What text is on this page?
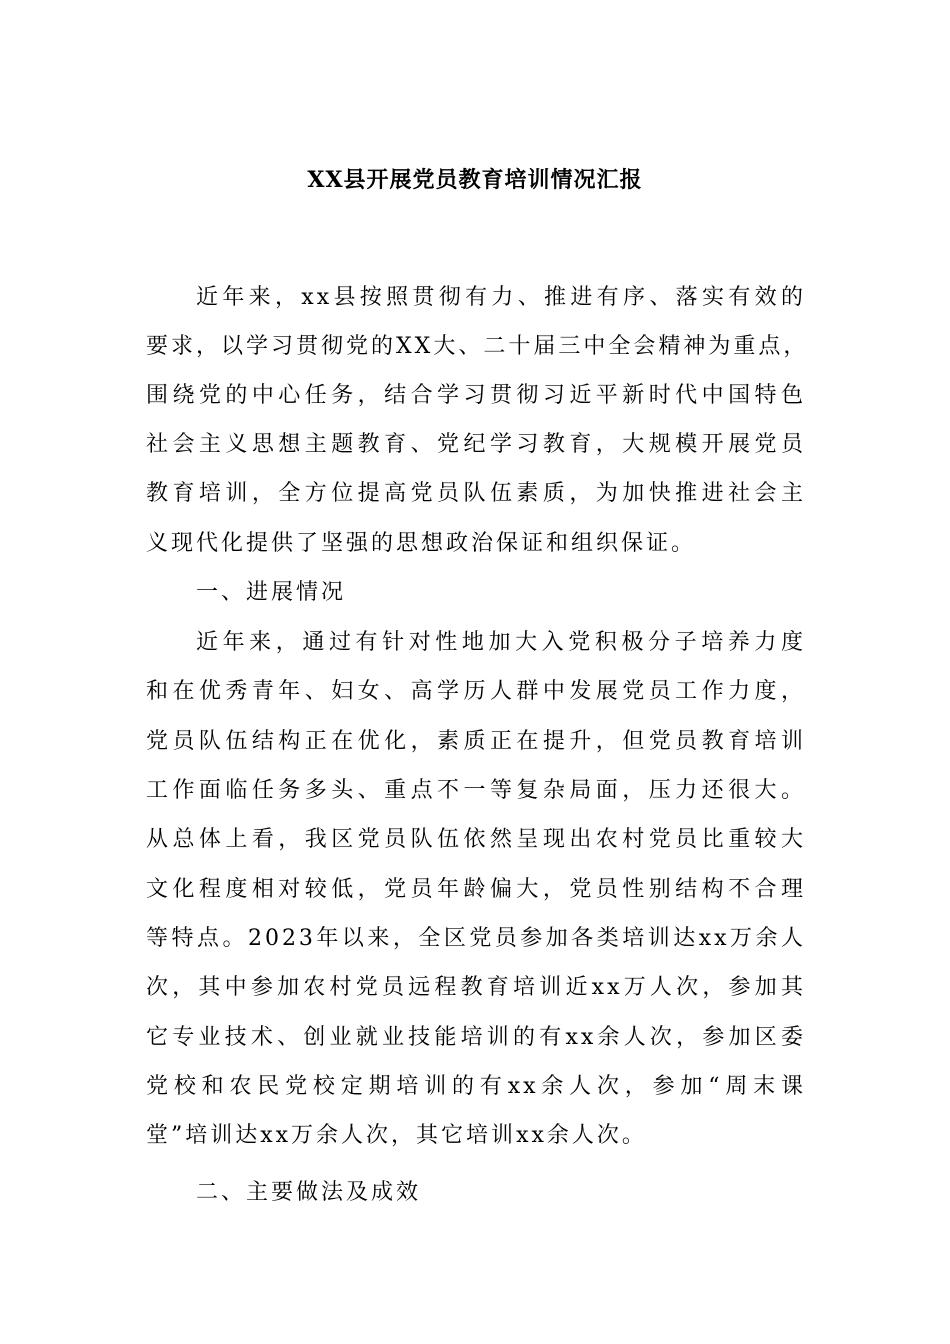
XX县开展党员教育培训情况汇报
近年来，xx县按照贯彻有力、推进有序、落实有效的
要求，以学习贯彻党的XX大、二十届三中全会精神为重点，
围绕党的中心任务，结合学习贯彻习近平新时代中国特色
社会主义思想主题教育、党纪学习教育，大规模开展党员
教育培训，全方位提高党员队伍素质，为加快推进社会主
义现代化提供了坚强的思想政治保证和组织保证。
一、进展情况
近年来，通过有针对性地加大入党积极分子培养力度
和在优秀青年、妇女、高学历人群中发展党员工作力度，
党员队伍结构正在优化，素质正在提升，但党员教育培训
工作面临任务多头、重点不一等复杂局面，压力还很大。
从总体上看，我区党员队伍依然呈现出农村党员比重较大
文化程度相对较低，党员年龄偏大，党员性别结构不合理
等特点。2023年以来，全区党员参加各类培训达xx万余人
次，其中参加农村党员远程教育培训近xx万人次，参加其
它专业技术、创业就业技能培训的有xx余人次，参加区委
党校和农民党校定期培训的有xx余人次，参加“周末课
堂”培训达xx万余人次，其它培训xx余人次。
二、主要做法及成效
